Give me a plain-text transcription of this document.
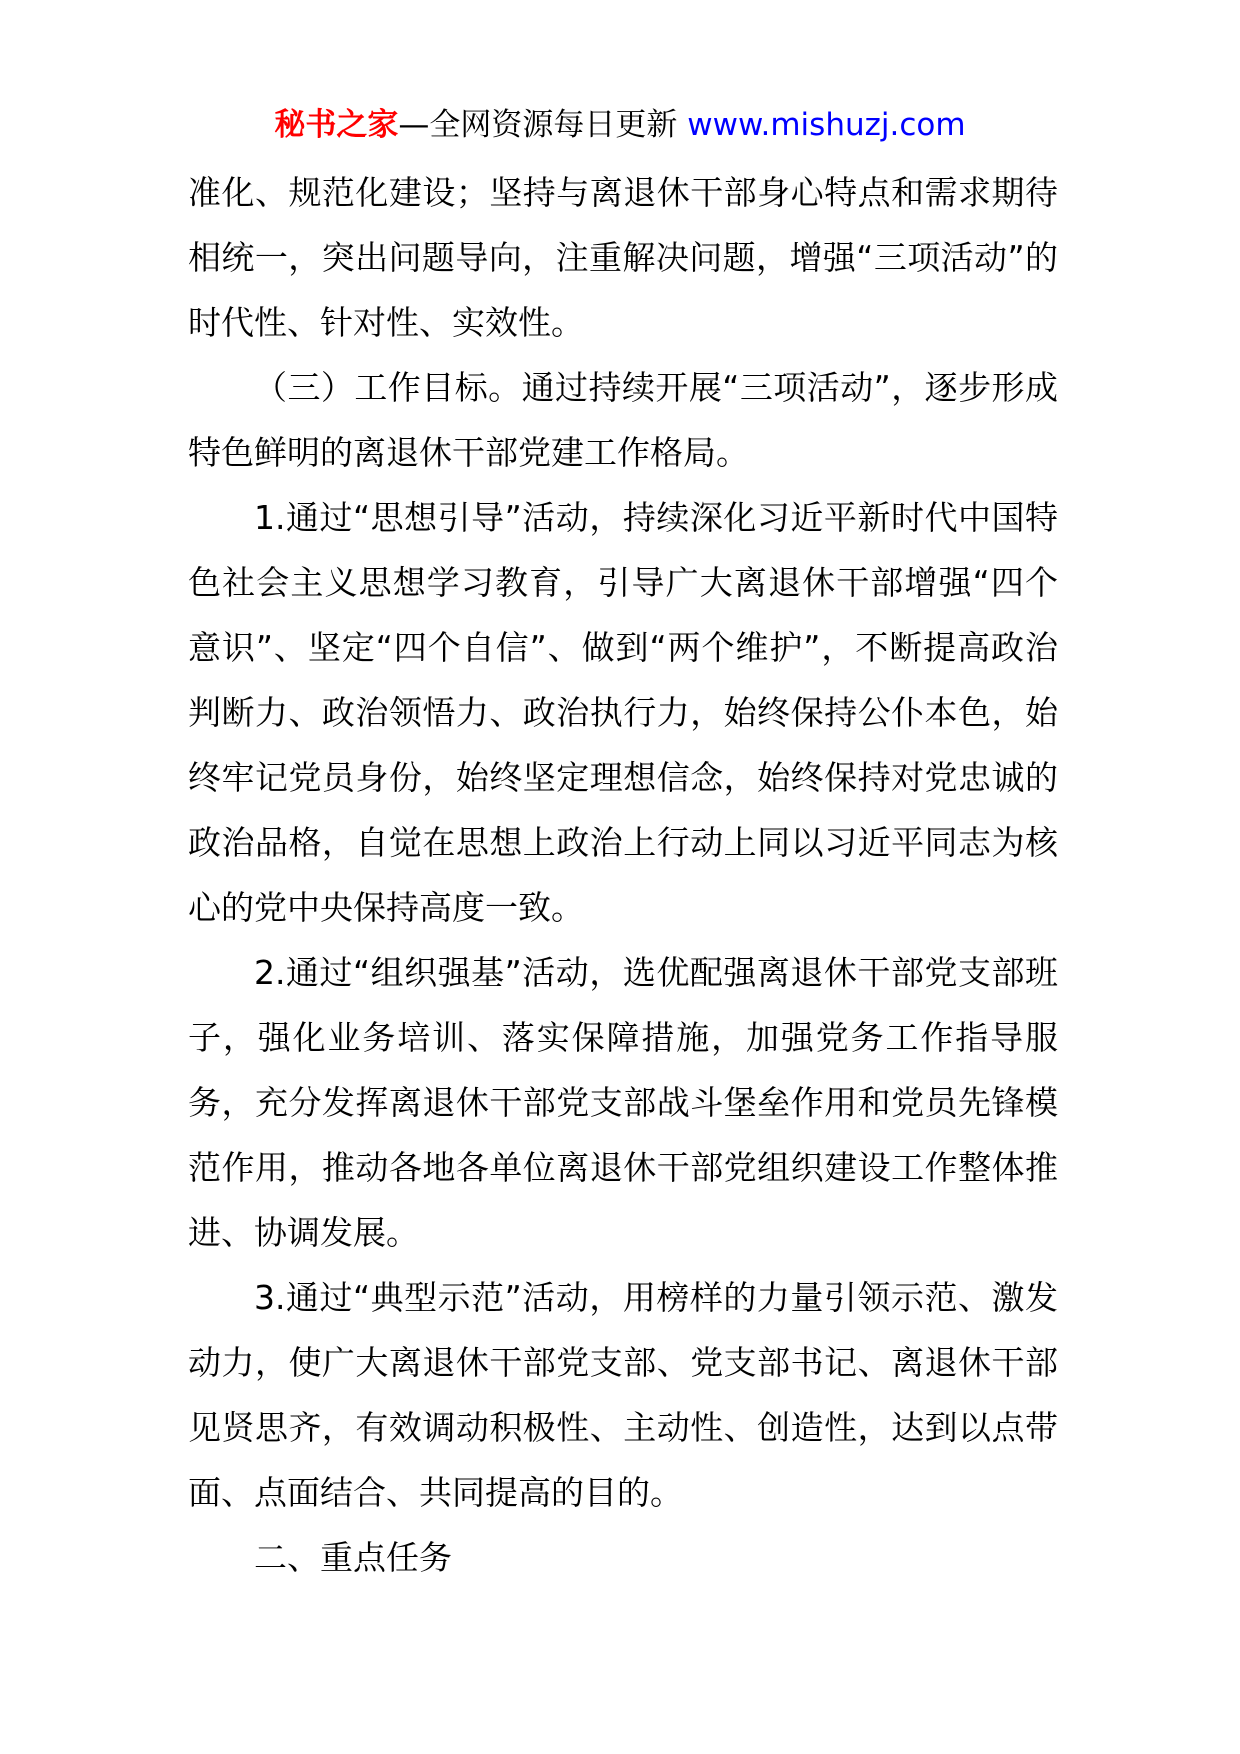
秘书之家—全网资源每日更新 www.mishuzj.com

准化、规范化建设；坚持与离退休干部身心特点和需求期待相统一，突出问题导向，注重解决问题，增强“三项活动”的时代性、针对性、实效性。

（三）工作目标。通过持续开展“三项活动”，逐步形成特色鲜明的离退休干部党建工作格局。

1.通过“思想引导”活动，持续深化习近平新时代中国特色社会主义思想学习教育，引导广大离退休干部增强“四个意识”、坚定“四个自信”、做到“两个维护”，不断提高政治判断力、政治领悟力、政治执行力，始终保持公仆本色，始终牢记党员身份，始终坚定理想信念，始终保持对党忠诚的政治品格，自觉在思想上政治上行动上同以习近平同志为核心的党中央保持高度一致。

2.通过“组织强基”活动，选优配强离退休干部党支部班子，强化业务培训、落实保障措施，加强党务工作指导服务，充分发挥离退休干部党支部战斗堡垒作用和党员先锋模范作用，推动各地各单位离退休干部党组织建设工作整体推进、协调发展。

3.通过“典型示范”活动，用榜样的力量引领示范、激发动力，使广大离退休干部党支部、党支部书记、离退休干部见贤思齐，有效调动积极性、主动性、创造性，达到以点带面、点面结合、共同提高的目的。

二、重点任务
